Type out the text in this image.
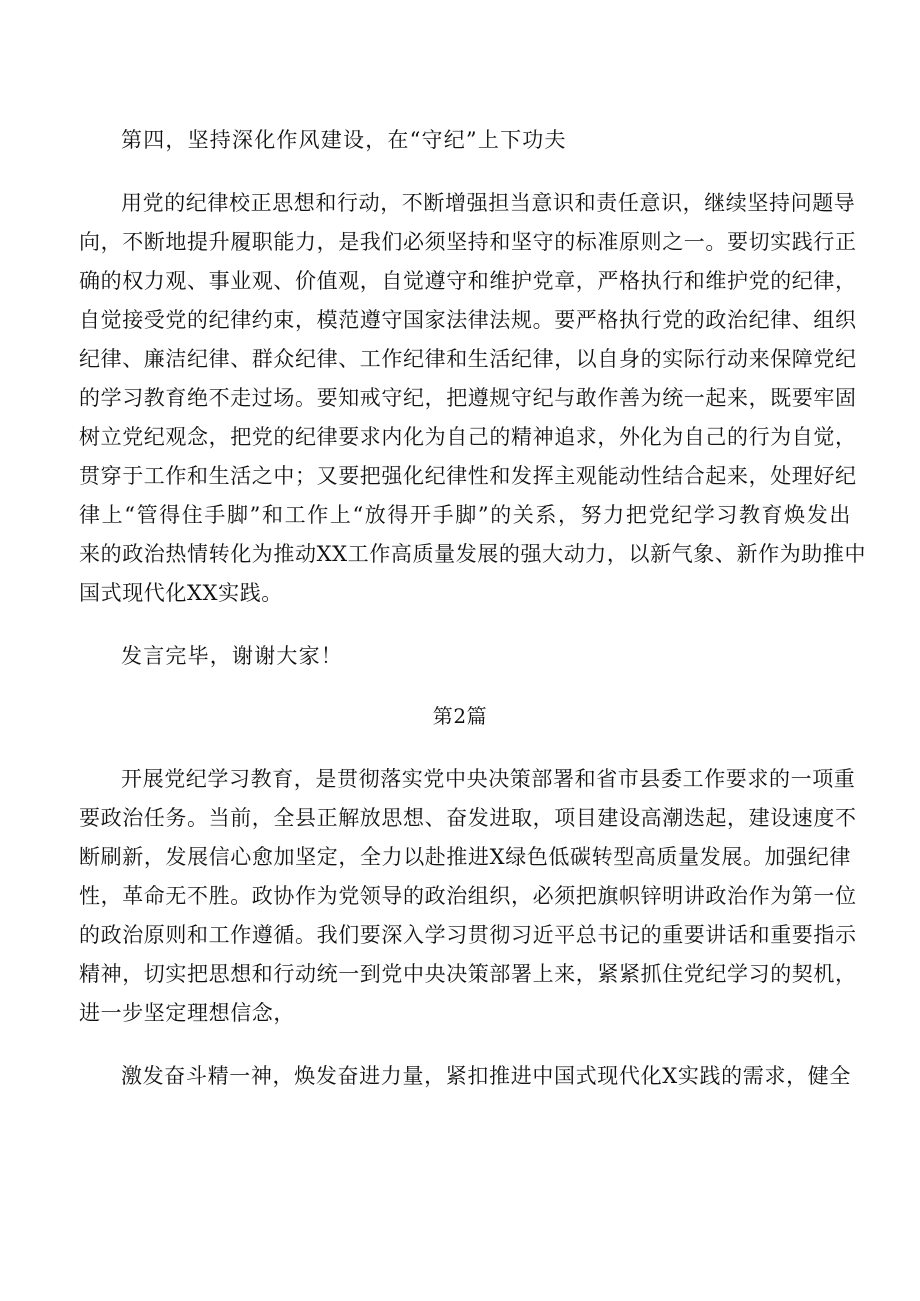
第四，坚持深化作风建设，在“守纪”上下功夫
用党的纪律校正思想和行动，不断增强担当意识和责任意识，继续坚持问题导
向，不断地提升履职能力，是我们必须坚持和坚守的标准原则之一。要切实践行正
确的权力观、事业观、价值观，自觉遵守和维护党章，严格执行和维护党的纪律，
自觉接受党的纪律约束，模范遵守国家法律法规。要严格执行党的政治纪律、组织
纪律、廉洁纪律、群众纪律、工作纪律和生活纪律，以自身的实际行动来保障党纪
的学习教育绝不走过场。要知戒守纪，把遵规守纪与敢作善为统一起来，既要牢固
树立党纪观念，把党的纪律要求内化为自己的精神追求，外化为自己的行为自觉，
贯穿于工作和生活之中；又要把强化纪律性和发挥主观能动性结合起来，处理好纪
律上“管得住手脚”和工作上“放得开手脚”的关系，努力把党纪学习教育焕发出
来的政治热情转化为推动XX工作高质量发展的强大动力，以新气象、新作为助推中
国式现代化XX实践。
发言完毕，谢谢大家！
第2篇
开展党纪学习教育，是贯彻落实党中央决策部署和省市县委工作要求的一项重
要政治任务。当前，全县正解放思想、奋发进取，项目建设高潮迭起，建设速度不
断刷新，发展信心愈加坚定，全力以赴推进X绿色低碳转型高质量发展。加强纪律
性，革命无不胜。政协作为党领导的政治组织，必须把旗帜锌明讲政治作为第一位
的政治原则和工作遵循。我们要深入学习贯彻习近平总书记的重要讲话和重要指示
精神，切实把思想和行动统一到党中央决策部署上来，紧紧抓住党纪学习的契机，
进一步坚定理想信念，
激发奋斗精一神，焕发奋进力量，紧扣推进中国式现代化X实践的需求，健全
